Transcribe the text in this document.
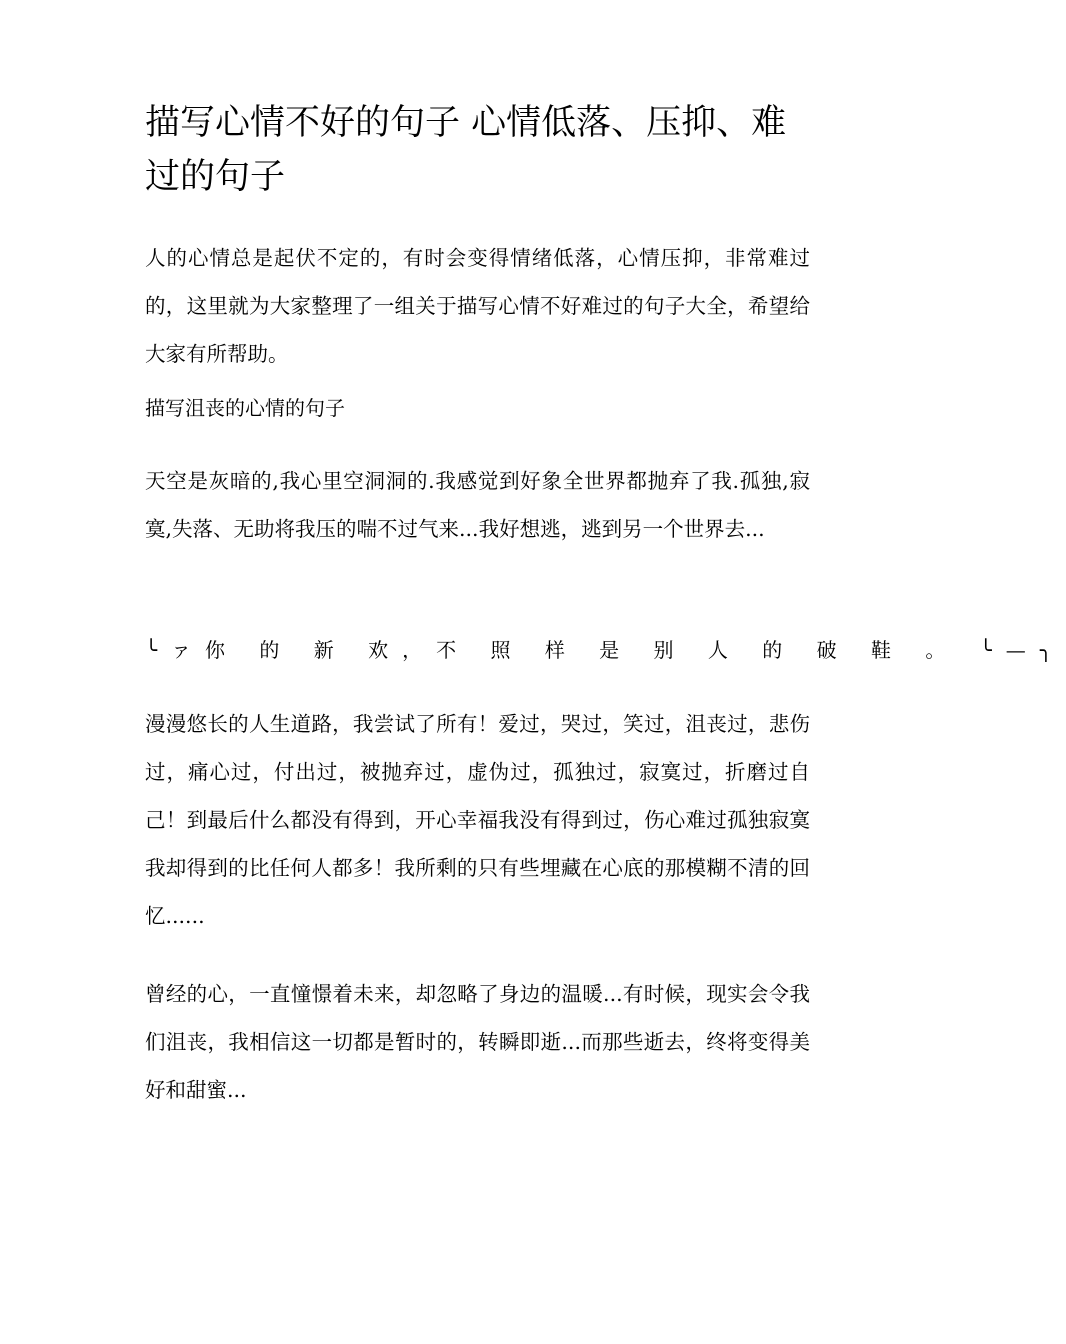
描写心情不好的句子 心情低落、压抑、难过的句子

人的心情总是起伏不定的，有时会变得情绪低落，心情压抑，非常难过的，这里就为大家整理了一组关于描写心情不好难过的句子大全，希望给大家有所帮助。

描写沮丧的心情的句子

天空是灰暗的,我心里空洞洞的.我感觉到好象全世界都抛弃了我.孤独,寂寞,失落、无助将我压的喘不过气来...我好想逃，逃到另一个世界去...

╰ァ你 的 新 欢，不 照 样 是 别 人 的 破 鞋 。 ╰—╮

漫漫悠长的人生道路，我尝试了所有！爱过，哭过，笑过，沮丧过，悲伤过，痛心过，付出过，被抛弃过，虚伪过，孤独过，寂寞过，折磨过自己！到最后什么都没有得到，开心幸福我没有得到过，伤心难过孤独寂寞我却得到的比任何人都多！我所剩的只有些埋藏在心底的那模糊不清的回忆......

曾经的心，一直憧憬着未来，却忽略了身边的温暖...有时候，现实会令我们沮丧，我相信这一切都是暂时的，转瞬即逝...而那些逝去，终将变得美好和甜蜜...
